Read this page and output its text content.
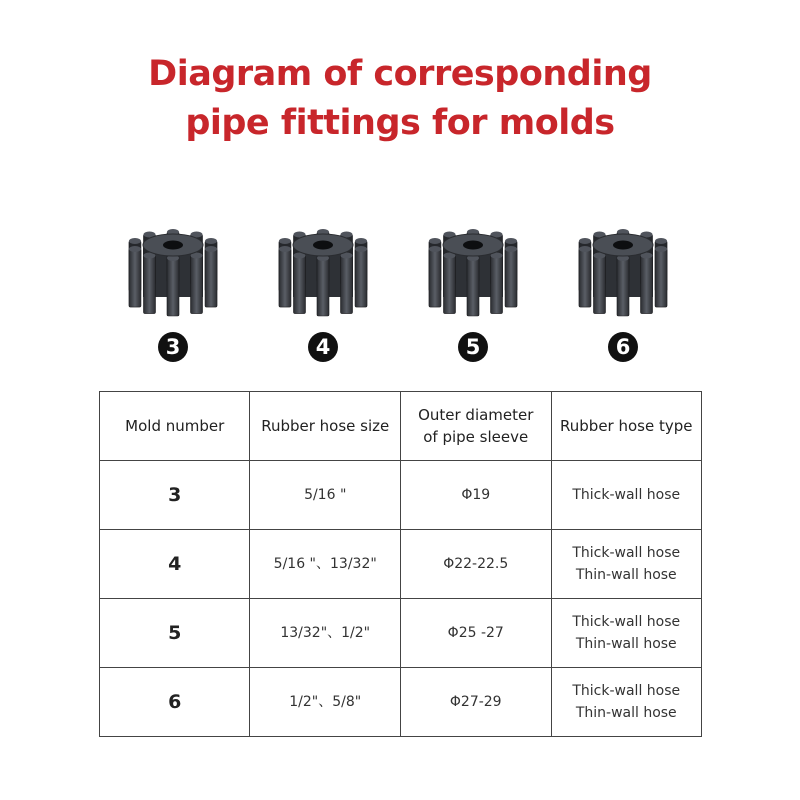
Diagram of corresponding
pipe fittings for molds
3	4	5	6
Mold number	Rubber hose size	Outer diameter
of pipe sleeve	Rubber hose type
3	5/16 "	Φ19	Thick-wall hose

4	5/16 "、13/32"	Φ22-22.5	Thick-wall hose
Thin-wall hose

5	13/32"、1/2"	Φ25 -27	Thick-wall hose
Thin-wall hose

6	1/2"、5/8"	Φ27-29	Thick-wall hose
Thin-wall hose
